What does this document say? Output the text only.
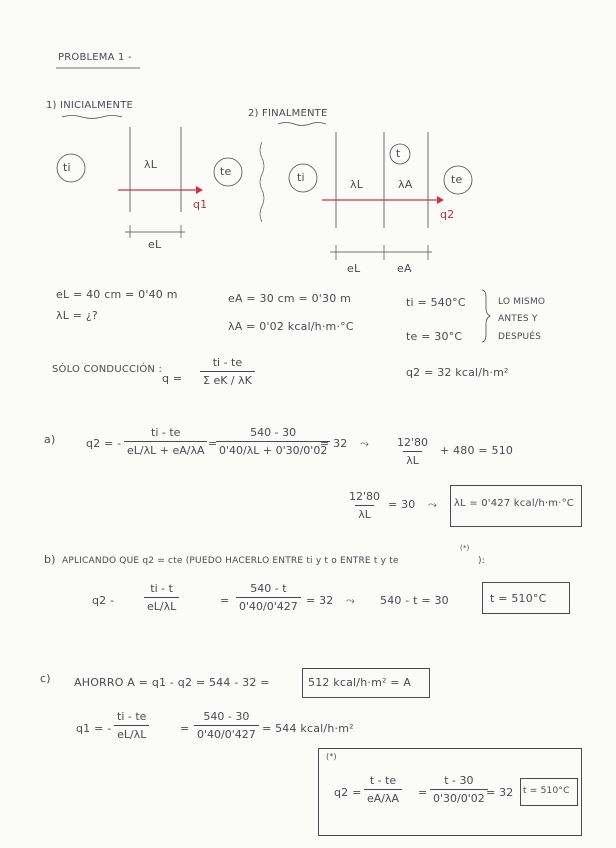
PROBLEMA 1 -
1) INICIALMENTE
ti	te
λL
q1
eL
2) FINALMENTE
ti
t
te
λL	λA
q2
eL	eA
eL = 40 cm = 0'40 m
λL = ¿?
eA = 30 cm = 0'30 m
λA = 0'02 kcal/h·m·°C
ti = 540°C
te = 30°C
LO MISMO
ANTES Y
DESPUÉS
q2 = 32 kcal/h·m²
SÓLO CONDUCCIÓN :
$q = \frac{ti - te}{\text{Σ eK / λK}}$
a)	q2 = - $\frac{ti - te}{eL/\lambda L + eA/\lambda A}$ =
$\frac{540 - 30}{0'40/\lambda L + 0'30/0'02}$
= 32 ⤳ $\frac{12'80}{\lambda L} + 480 = 510$
$\frac{12'80}{\lambda L} = 30$ ⤳ λL = 0'427 kcal/h·m·°C
b) APLICANDO QUE q2 = cte (PUEDO HACERLO ENTRE ti y t o ENTRE t y te
(*)
):
q2 -	$\frac{ti - t}{eL/\lambda L}$	= $\frac{540 - t}{0'40/0'427} = 32$ ⤳ 540 - t = 30	t = 510°C
c) AHORRO A = q1 - q2 = 544 - 32 =	512 kcal/h·m² = A
q1 = - $\frac{ti - te}{eL/\lambda L}$	= $\frac{540 - 30}{0'40/0'427} = 544$ kcal/h·m²
(*)
$q2 = \frac{t - te}{eA/\lambda A} = \frac{t - 30}{0'30/0'02}$
= 32 t = 510°C
